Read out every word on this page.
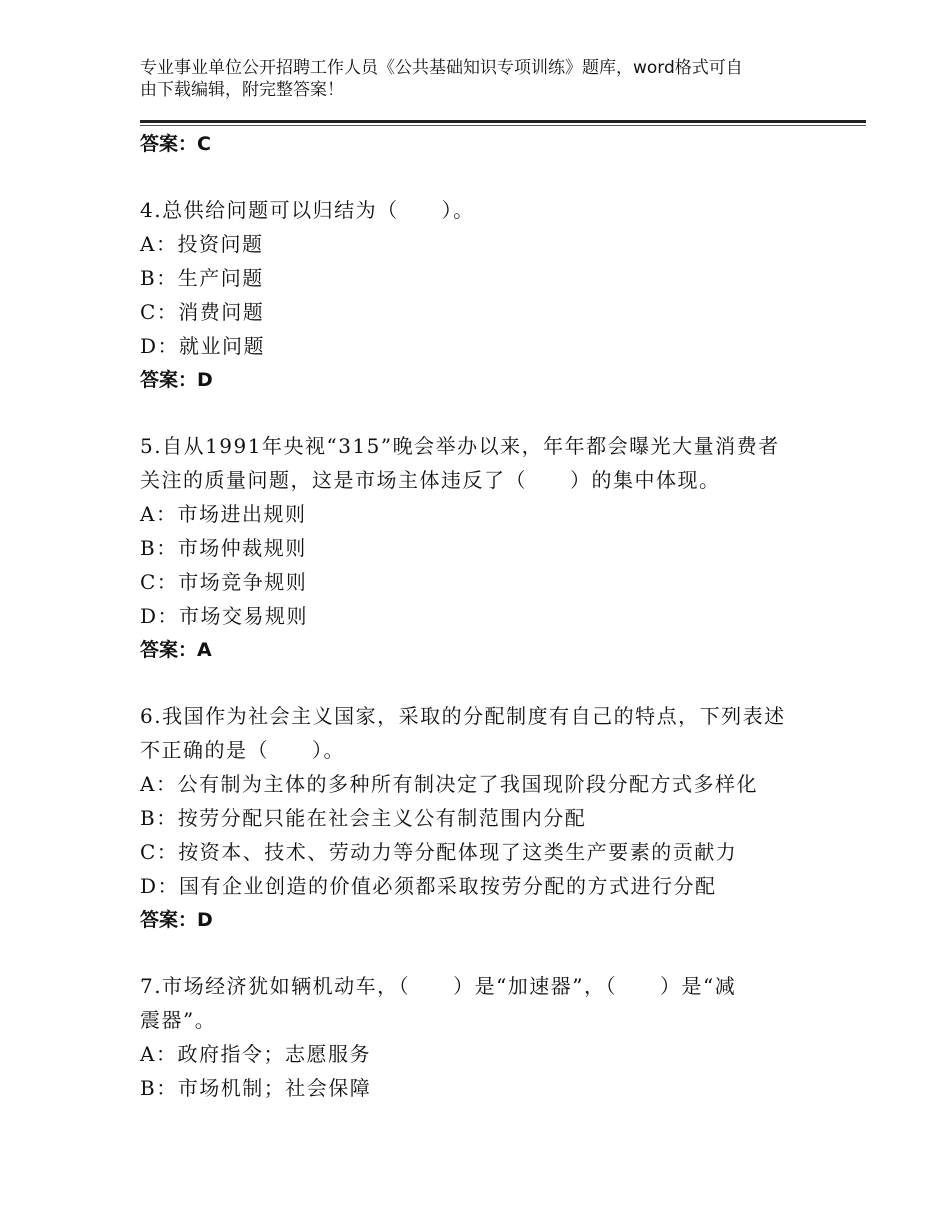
专业事业单位公开招聘工作人员《公共基础知识专项训练》题库，word格式可自
由下载编辑，附完整答案！
答案：C
4.总供给问题可以归结为（　　）。
A：投资问题
B：生产问题
C：消费问题
D：就业问题
答案：D
5.自从1991年央视“315”晚会举办以来，年年都会曝光大量消费者
关注的质量问题，这是市场主体违反了（　　）的集中体现。
A：市场进出规则
B：市场仲裁规则
C：市场竞争规则
D：市场交易规则
答案：A
6.我国作为社会主义国家，采取的分配制度有自己的特点，下列表述
不正确的是（　　）。
A：公有制为主体的多种所有制决定了我国现阶段分配方式多样化
B：按劳分配只能在社会主义公有制范围内分配
C：按资本、技术、劳动力等分配体现了这类生产要素的贡献力
D：国有企业创造的价值必须都采取按劳分配的方式进行分配
答案：D
7.市场经济犹如辆机动车，（　　）是“加速器”，（　　）是“减
震器”。
A：政府指令；志愿服务
B：市场机制；社会保障
